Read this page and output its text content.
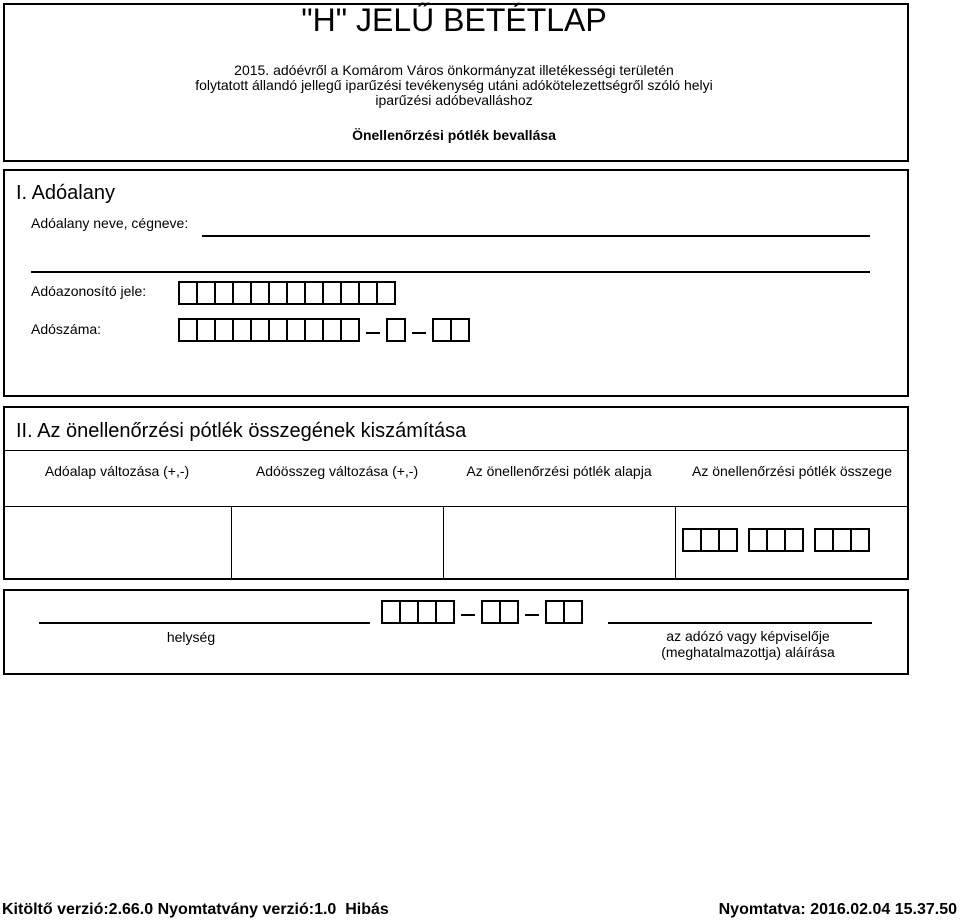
"H" JELŰ BETÉTLAP
2015. adóévről a Komárom Város önkormányzat illetékességi területén
folytatott állandó jellegű iparűzési tevékenység utáni adókötelezettségről szóló helyi
iparűzési adóbevalláshoz
Önellenőrzési pótlék bevallása
I. Adóalany
Adóalany neve, cégneve:
Adóazonosító jele:
Adószáma:
II. Az önellenőrzési pótlék összegének kiszámítása
Adóalap változása (+,-)	Adóösszeg változása (+,-)	Az önellenőrzési pótlék alapja	Az önellenőrzési pótlék összege
helység	az adózó vagy képviselője
(meghatalmazottja) aláírása
Kitöltő verzió:2.66.0 Nyomtatvány verzió:1.0  Hibás	Nyomtatva: 2016.02.04 15.37.50
